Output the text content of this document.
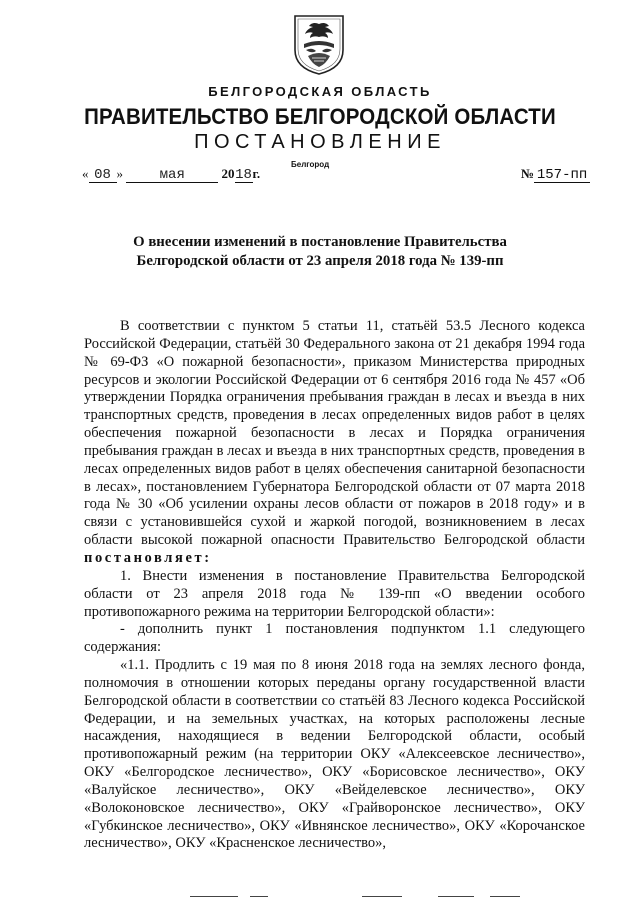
БЕЛГОРОДСКАЯ ОБЛАСТЬ
ПРАВИТЕЛЬСТВО БЕЛГОРОДСКОЙ ОБЛАСТИ
ПОСТАНОВЛЕНИЕ
Белгород
« 08 »	мая	2018г.	№ 157-пп
О внесении изменений в постановление Правительства
Белгородской области от 23 апреля 2018 года № 139-пп

В соответствии с пунктом 5 статьи 11, статьёй 53.5 Лесного кодекса Российской Федерации, статьёй 30 Федерального закона от 21 декабря 1994 года № 69-ФЗ «О пожарной безопасности», приказом Министерства природных ресурсов и экологии Российской Федерации от 6 сентября 2016 года № 457 «Об утверждении Порядка ограничения пребывания граждан в лесах и въезда в них транспортных средств, проведения в лесах определенных видов работ в целях обеспечения пожарной безопасности в лесах и Порядка ограничения пребывания граждан в лесах и въезда в них транспортных средств, проведения в лесах определенных видов работ в целях обеспечения санитарной безопасности в лесах», постановлением Губернатора Белгородской области от 07 марта 2018 года № 30 «Об усилении охраны лесов области от пожаров в 2018 году» и в связи с установившейся сухой и жаркой погодой, возникновением в лесах области высокой пожарной опасности Правительство Белгородской области постановляет:

1. Внести изменения в постановление Правительства Белгородской области от 23 апреля 2018 года № 139-пп «О введении особого противопожарного режима на территории Белгородской области»:

- дополнить пункт 1 постановления подпунктом 1.1 следующего содержания:

«1.1. Продлить с 19 мая по 8 июня 2018 года на землях лесного фонда, полномочия в отношении которых переданы органу государственной власти Белгородской области в соответствии со статьёй 83 Лесного кодекса Российской Федерации, и на земельных участках, на которых расположены лесные насаждения, находящиеся в ведении Белгородской области, особый противопожарный режим (на территории ОКУ «Алексеевское лесничество», ОКУ «Белгородское лесничество», ОКУ «Борисовское лесничество», ОКУ «Валуйское лесничество», ОКУ «Вейделевское лесничество», ОКУ «Волоконовское лесничество», ОКУ «Грайворонское лесничество», ОКУ «Губкинское лесничество», ОКУ «Ивнянское лесничество», ОКУ «Корочанское лесничество», ОКУ «Красненское лесничество»,
